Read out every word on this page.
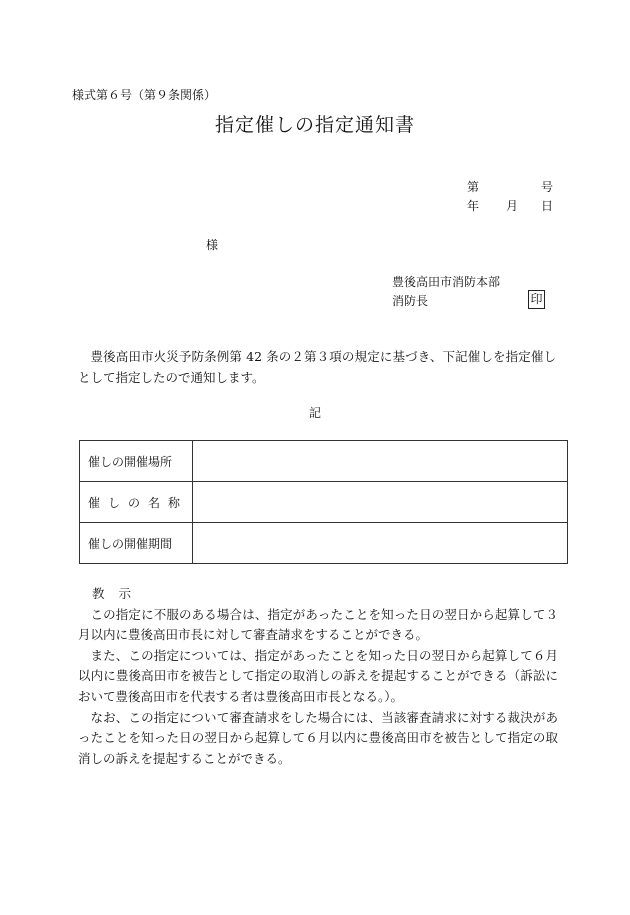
様式第６号（第９条関係）
指定催しの指定通知書
第	号
年 月 日
様
豊後高田市消防本部
消防長	印
豊後高田市火災予防条例第 42 条の２第３項の規定に基づき、下記催しを指定催しとして指定したので通知します。
記
催しの開催場所	

催 し の 名 称	

催しの開催期間	

教示

この指定に不服のある場合は、指定があったことを知った日の翌日から起算して３月以内に豊後高田市長に対して審査請求をすることができる。

また、この指定については、指定があったことを知った日の翌日から起算して６月以内に豊後高田市を被告として指定の取消しの訴えを提起することができる（訴訟において豊後高田市を代表する者は豊後高田市長となる。）。

なお、この指定について審査請求をした場合には、当該審査請求に対する裁決があったことを知った日の翌日から起算して６月以内に豊後高田市を被告として指定の取消しの訴えを提起することができる。
